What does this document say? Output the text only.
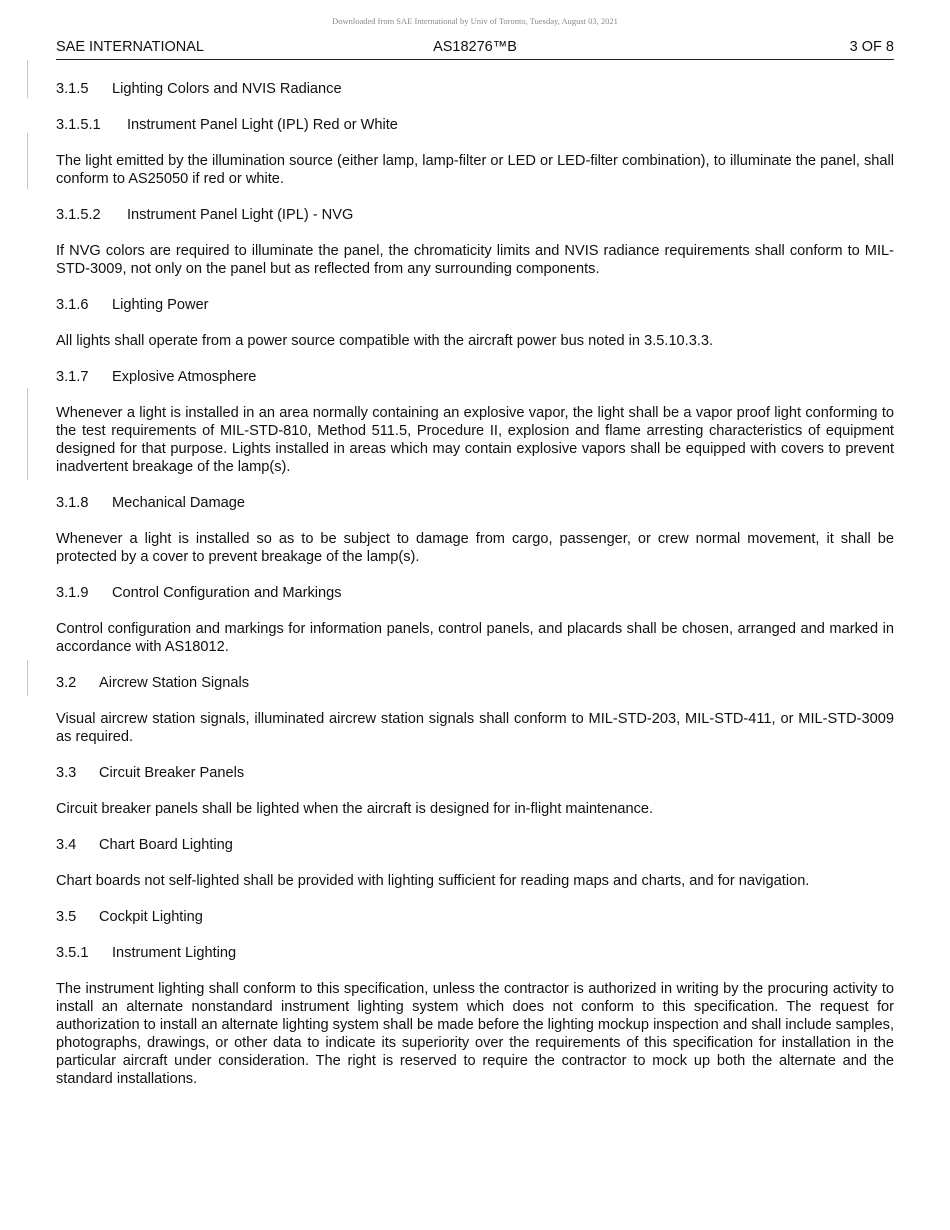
Downloaded from SAE International by Univ of Toronto, Tuesday, August 03, 2021
SAE INTERNATIONAL	AS18276™B	3 OF 8
3.1.5 Lighting Colors and NVIS Radiance
3.1.5.1 Instrument Panel Light (IPL) Red or White

The light emitted by the illumination source (either lamp, lamp-filter or LED or LED-filter combination), to illuminate the panel, shall conform to AS25050 if red or white.

3.1.5.2 Instrument Panel Light (IPL) - NVG

If NVG colors are required to illuminate the panel, the chromaticity limits and NVIS radiance requirements shall conform to MIL-STD-3009, not only on the panel but as reflected from any surrounding components.

3.1.6 Lighting Power

All lights shall operate from a power source compatible with the aircraft power bus noted in 3.5.10.3.3.

3.1.7 Explosive Atmosphere

Whenever a light is installed in an area normally containing an explosive vapor, the light shall be a vapor proof light conforming to the test requirements of MIL-STD-810, Method 511.5, Procedure II, explosion and flame arresting characteristics of equipment designed for that purpose. Lights installed in areas which may contain explosive vapors shall be equipped with covers to prevent inadvertent breakage of the lamp(s).

3.1.8 Mechanical Damage

Whenever a light is installed so as to be subject to damage from cargo, passenger, or crew normal movement, it shall be protected by a cover to prevent breakage of the lamp(s).

3.1.9 Control Configuration and Markings

Control configuration and markings for information panels, control panels, and placards shall be chosen, arranged and marked in accordance with AS18012.

3.2 Aircrew Station Signals

Visual aircrew station signals, illuminated aircrew station signals shall conform to MIL-STD-203, MIL-STD-411, or MIL-STD-3009 as required.

3.3 Circuit Breaker Panels

Circuit breaker panels shall be lighted when the aircraft is designed for in-flight maintenance.

3.4 Chart Board Lighting

Chart boards not self-lighted shall be provided with lighting sufficient for reading maps and charts, and for navigation.

3.5 Cockpit Lighting
3.5.1 Instrument Lighting

The instrument lighting shall conform to this specification, unless the contractor is authorized in writing by the procuring activity to install an alternate nonstandard instrument lighting system which does not conform to this specification. The request for authorization to install an alternate lighting system shall be made before the lighting mockup inspection and shall include samples, photographs, drawings, or other data to indicate its superiority over the requirements of this specification for installation in the particular aircraft under consideration. The right is reserved to require the contractor to mock up both the alternate and the standard installations.
